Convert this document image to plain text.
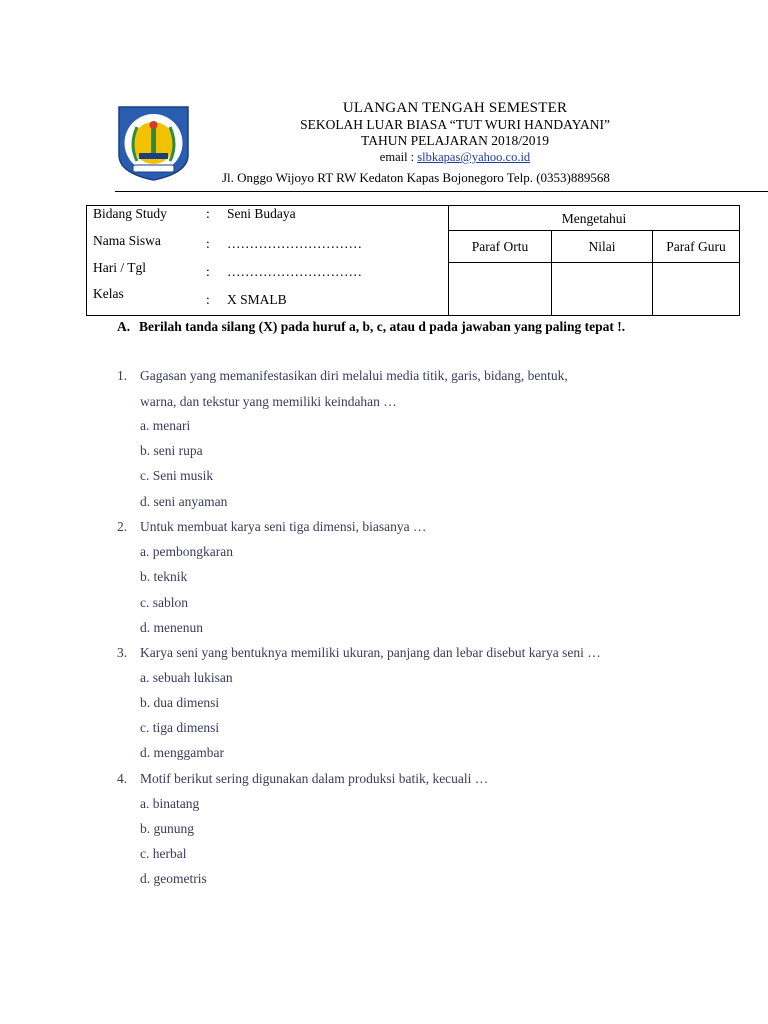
ULANGAN TENGAH SEMESTER
SEKOLAH LUAR BIASA “TUT WURI HANDAYANI”
TAHUN PELAJARAN 2018/2019
email : slbkapas@yahoo.co.id
Jl. Onggo Wijoyo RT RW Kedaton Kapas Bojonegoro Telp. (0353)889568
Bidang Study	: Seni Budaya
Nama Siswa	: …………………………
Hari / Tgl	: …………………………
Kelas	: X SMALB
Mengetahui
Paraf Ortu	Nilai	Paraf Guru
A. Berilah tanda silang (X) pada huruf a, b, c, atau d pada jawaban yang paling tepat !.
1. Gagasan yang memanifestasikan diri melalui media titik, garis, bidang, bentuk,
warna, dan tekstur yang memiliki keindahan …
a. menari
b. seni rupa
c. Seni musik
d. seni anyaman
2. Untuk membuat karya seni tiga dimensi, biasanya …
a. pembongkaran
b. teknik
c. sablon
d. menenun
3. Karya seni yang bentuknya memiliki ukuran, panjang dan lebar disebut karya seni …
a. sebuah lukisan
b. dua dimensi
c. tiga dimensi
d. menggambar
4. Motif berikut sering digunakan dalam produksi batik, kecuali …
a. binatang
b. gunung
c. herbal
d. geometris
